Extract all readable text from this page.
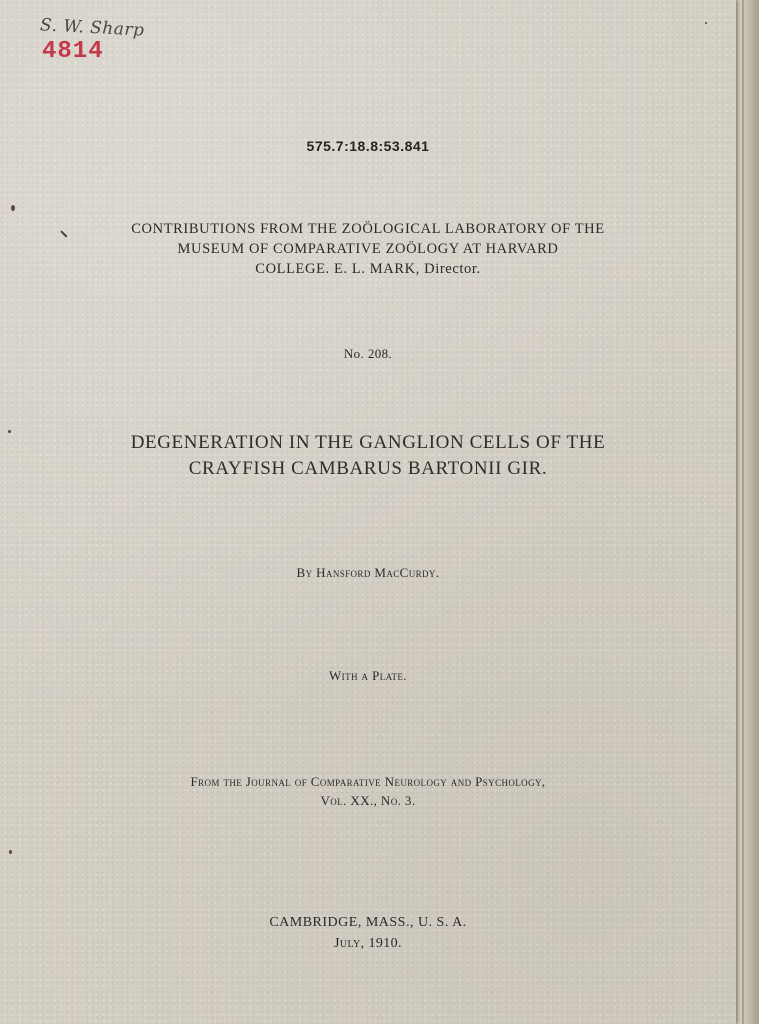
S. W. Sharp
4814
575.7:18.8:53.841
CONTRIBUTIONS FROM THE ZOÖLOGICAL LABORATORY OF THE
MUSEUM OF COMPARATIVE ZOÖLOGY AT HARVARD
COLLEGE. E. L. MARK, Director.
No. 208.
DEGENERATION IN THE GANGLION CELLS OF THE
CRAYFISH CAMBARUS BARTONII GIR.
By Hansford MacCurdy.
With a Plate.
From the Journal of Comparative Neurology and Psychology,
Vol. XX., No. 3.
CAMBRIDGE, MASS., U. S. A.
July, 1910.
